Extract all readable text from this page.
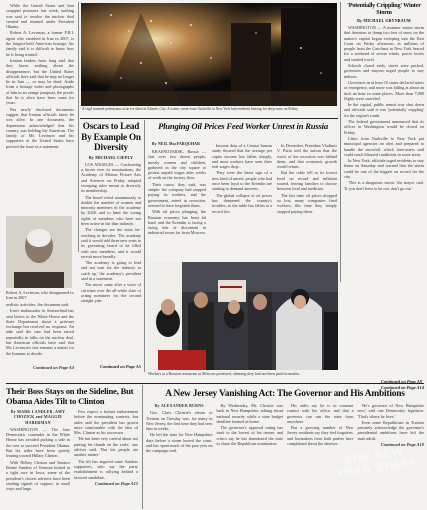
While the United States and Iran swapped prisoners last week, nothing was said to resolve the nuclear deal created and strained under President Obama.

Robert A. Levinson, a former F.B.I. agent who vanished in Iran in 2007, is the longest-held American hostage; his family said it is difficult to know how he is being treated.

Iranian leaders have long said that they know nothing about the disappearance, but the United States officials have said that he may no longer be in Iran — or may be dead. Aside from a hostage video and photographs of him in an orange jumpsuit, the proofs that he is alive have been scant for years.

But newly disclosed documents suggest that Iranian officials knew he was alive. In one document, the department acknowledged that his country was holding the American. The family of Mr. Levinson and his supporters at the United States have pressed the issue in a statement.

A vigil warmed pedestrians at an ice sheet in Atlantic City. A winter storm from Nashville to New York had residents bracing for deep snow on Friday.
'Potentially Crippling' Winter Storm
By MICHAEL GRYNBAUM

WASHINGTON — A monster winter storm that threatens to dump two feet of snow on the nation's capital began sweeping into the East Coast on Friday afternoon, as millions of people from the Carolinas to New York braced for a weekend of severe winds, power losses and snarled travel.

Schools closed early, stores were packed, governors and mayors urged people to stay indoors.

Governors in at least 10 states declared states of emergency, and snow was falling at about an inch an hour in some places. More than 7,000 flights were canceled.

In the capital, public transit was shut down and officials said it was 'potentially crippling' for the region's roads.

The federal government announced that its offices in Washington would be closed on Friday.

Cities from Nashville to New York put municipal agencies on alert and prepared to handle the snowfall, which forecasters said could reach blizzard conditions in some areas.

In New York, officials urged residents to stay home on Saturday and warned that the storm could be one of the biggest on record for the city.

'This is a dangerous storm,' the mayor said. 'If you don't have to be out, don't go out.'

Continued on Page A14
Oscars to Lead By Example On Diversity
By MICHAEL CIEPLY

LOS ANGELES — Confronting a furore over its nominations, the Academy of Motion Picture Arts and Sciences on Friday adopted sweeping rules meant to diversify its membership.

The board voted unanimously to double the number of women and minority members of the academy by 2020, and to limit the voting rights of members who have not been active in the film industry.

The changes are the most far-reaching in decades. The academy said it would add three new seats to its governing board to be filled with new members, and it would recruit more broadly.

'The academy is going to lead and not wait for the industry to catch up,' the academy's president said in a statement.

The move came after a wave of criticism over the all-white slate of acting nominees for the second straight year.

Continued on Page A5
Robert A. Levinson, who disappeared in Iran in 2007.

realistic activities, the document said.

Iran's ambassador in Switzerland has sent letters to the White House and the State Department about a prisoner exchange but received no response. An aide said the case had been raised repeatedly in talks on the nuclear deal, but American officials have said that Mr. Levinson's fate remains a matter for the Iranians to decide.

Continued on Page A4
Plunging Oil Prices Feed Worker Unrest in Russia
By NEIL MacFARQUHAR

KRASNOYARSK, Russia — Just over two dozen people, mostly women and children, gathered in the city square to protest unpaid wages after weeks of work on the factory floor.

Their cause, they said, was simple: the company had stopped paying its workers, and the government, mired in recession, seemed to have forgotten them.

With oil prices plunging, the Russian economy has been hit hard, and the Kremlin is facing a rising tide of discontent in industrial towns far from Moscow.

Income data of a Census bureau study showed that the average per capita income has fallen sharply, and most workers have seen their real wages drop.

They were the latest sign of a new kind of unrest: people who had once been loyal to the Kremlin are starting to demand answers.

The global collapse of oil prices has deepened the country's troubles, as the ruble has fallen to a record low.

In December, President Vladimir V. Putin told the nation that the worst of the recession was behind them, and that economic growth would return.

But the ruble fell to its lowest level on record and inflation soared, leaving families to choose between food and medicine.

The last time oil prices dropped so low, many companies fired workers; this time they simply stopped paying them.

Workers at a Russian restaurant in Moscow protested, claiming they had not been paid in months.
Continued on Page A9
Their Boss Stays on the Sideline, But Obama Aides Tilt to Clinton
By MARK LANDLER, AMY CHOZICK and MAGGIE HABERMAN

WASHINGTON — The lone Democratic contender in the White House has avoided picking a side in the race to succeed President Obama. But his aides have been quietly leaning toward Hillary Clinton.

With Hillary Clinton and Senator Bernie Sanders of Vermont locked in a tight race in Iowa, some of the president's closest advisers have been sending signals of support, in small ways and large.

Few expect a formal endorsement before the nominating contests, but aides said the president has grown more comfortable with the idea of Mrs. Clinton as his successor.

'He has been very careful about not putting his thumb on the scale,' one adviser said. 'But his people are another matter.'

The tilt has angered some Sanders supporters, who say the party establishment is rallying behind a favored candidate.

Continued on Page A15
A New Jersey Vanishing Act: The Governor and His Ambitions
By ALEXANDER BURNS

Gov. Chris Christie's return to Trenton on Tuesday was, for many in New Jersey, the first time they had seen him in weeks.

He left the state for New Hampshire days before a storm buried the coast, and has spent much of the past year on the campaign trail.

By Wednesday, Mr. Christie was back in New Hampshire, talking about national security while a state budget deadline loomed at home.

The governor's approval rating has sunk to the lowest of his tenure, and critics say he has abandoned the state to chase the Republican nomination.

His aides say he is in constant contact with his office, and that a governor can run the state from anywhere.

But a growing number of New Jersey residents say they feel forgotten, and lawmakers from both parties have complained about the absence.

'He's governor of New Hampshire now,' said one Democratic legislator. 'That's where he lives.'

Even some Republicans in Trenton privately acknowledge the governor's presidential ambitions have left the state adrift.

Continued on Page A18
THE NEW YORK TIMES
